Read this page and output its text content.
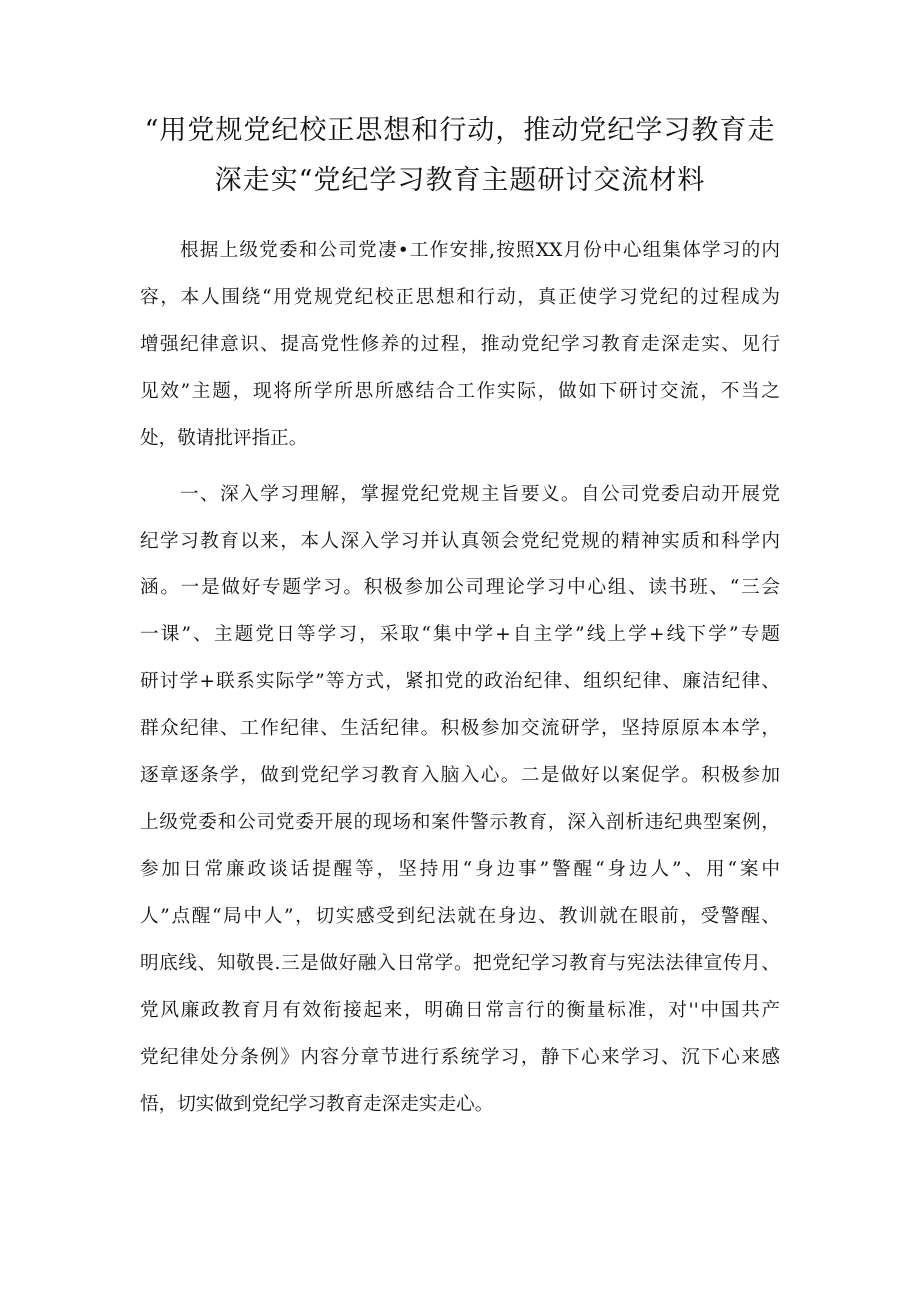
“用党规党纪校正思想和行动，推动党纪学习教育走
深走实“党纪学习教育主题研讨交流材料
根据上级党委和公司党凄•工作安排,按照XX月份中心组集体学习的内
容，本人围绕“用党规党纪校正思想和行动，真正使学习党纪的过程成为
增强纪律意识、提高党性修养的过程，推动党纪学习教育走深走实、见行
见效”主题，现将所学所思所感结合工作实际，做如下研讨交流，不当之
处，敬请批评指正。
一、深入学习理解，掌握党纪党规主旨要义。自公司党委启动开展党
纪学习教育以来，本人深入学习并认真领会党纪党规的精神实质和科学内
涵。一是做好专题学习。积极参加公司理论学习中心组、读书班、“三会
一课”、主题党日等学习，采取“集中学+自主学”线上学+线下学”专题
研讨学+联系实际学”等方式，紧扣党的政治纪律、组织纪律、廉洁纪律、
群众纪律、工作纪律、生活纪律。积极参加交流研学，坚持原原本本学，
逐章逐条学，做到党纪学习教育入脑入心。二是做好以案促学。积极参加
上级党委和公司党委开展的现场和案件警示教育，深入剖析违纪典型案例，
参加日常廉政谈话提醒等，坚持用“身边事”警醒“身边人”、用“案中
人”点醒“局中人”，切实感受到纪法就在身边、教训就在眼前，受警醒、
明底线、知敬畏.三是做好融入日常学。把党纪学习教育与宪法法律宣传月、
党风廉政教育月有效衔接起来，明确日常言行的衡量标准，对''中国共产
党纪律处分条例》内容分章节进行系统学习，静下心来学习、沉下心来感
悟，切实做到党纪学习教育走深走实走心。
